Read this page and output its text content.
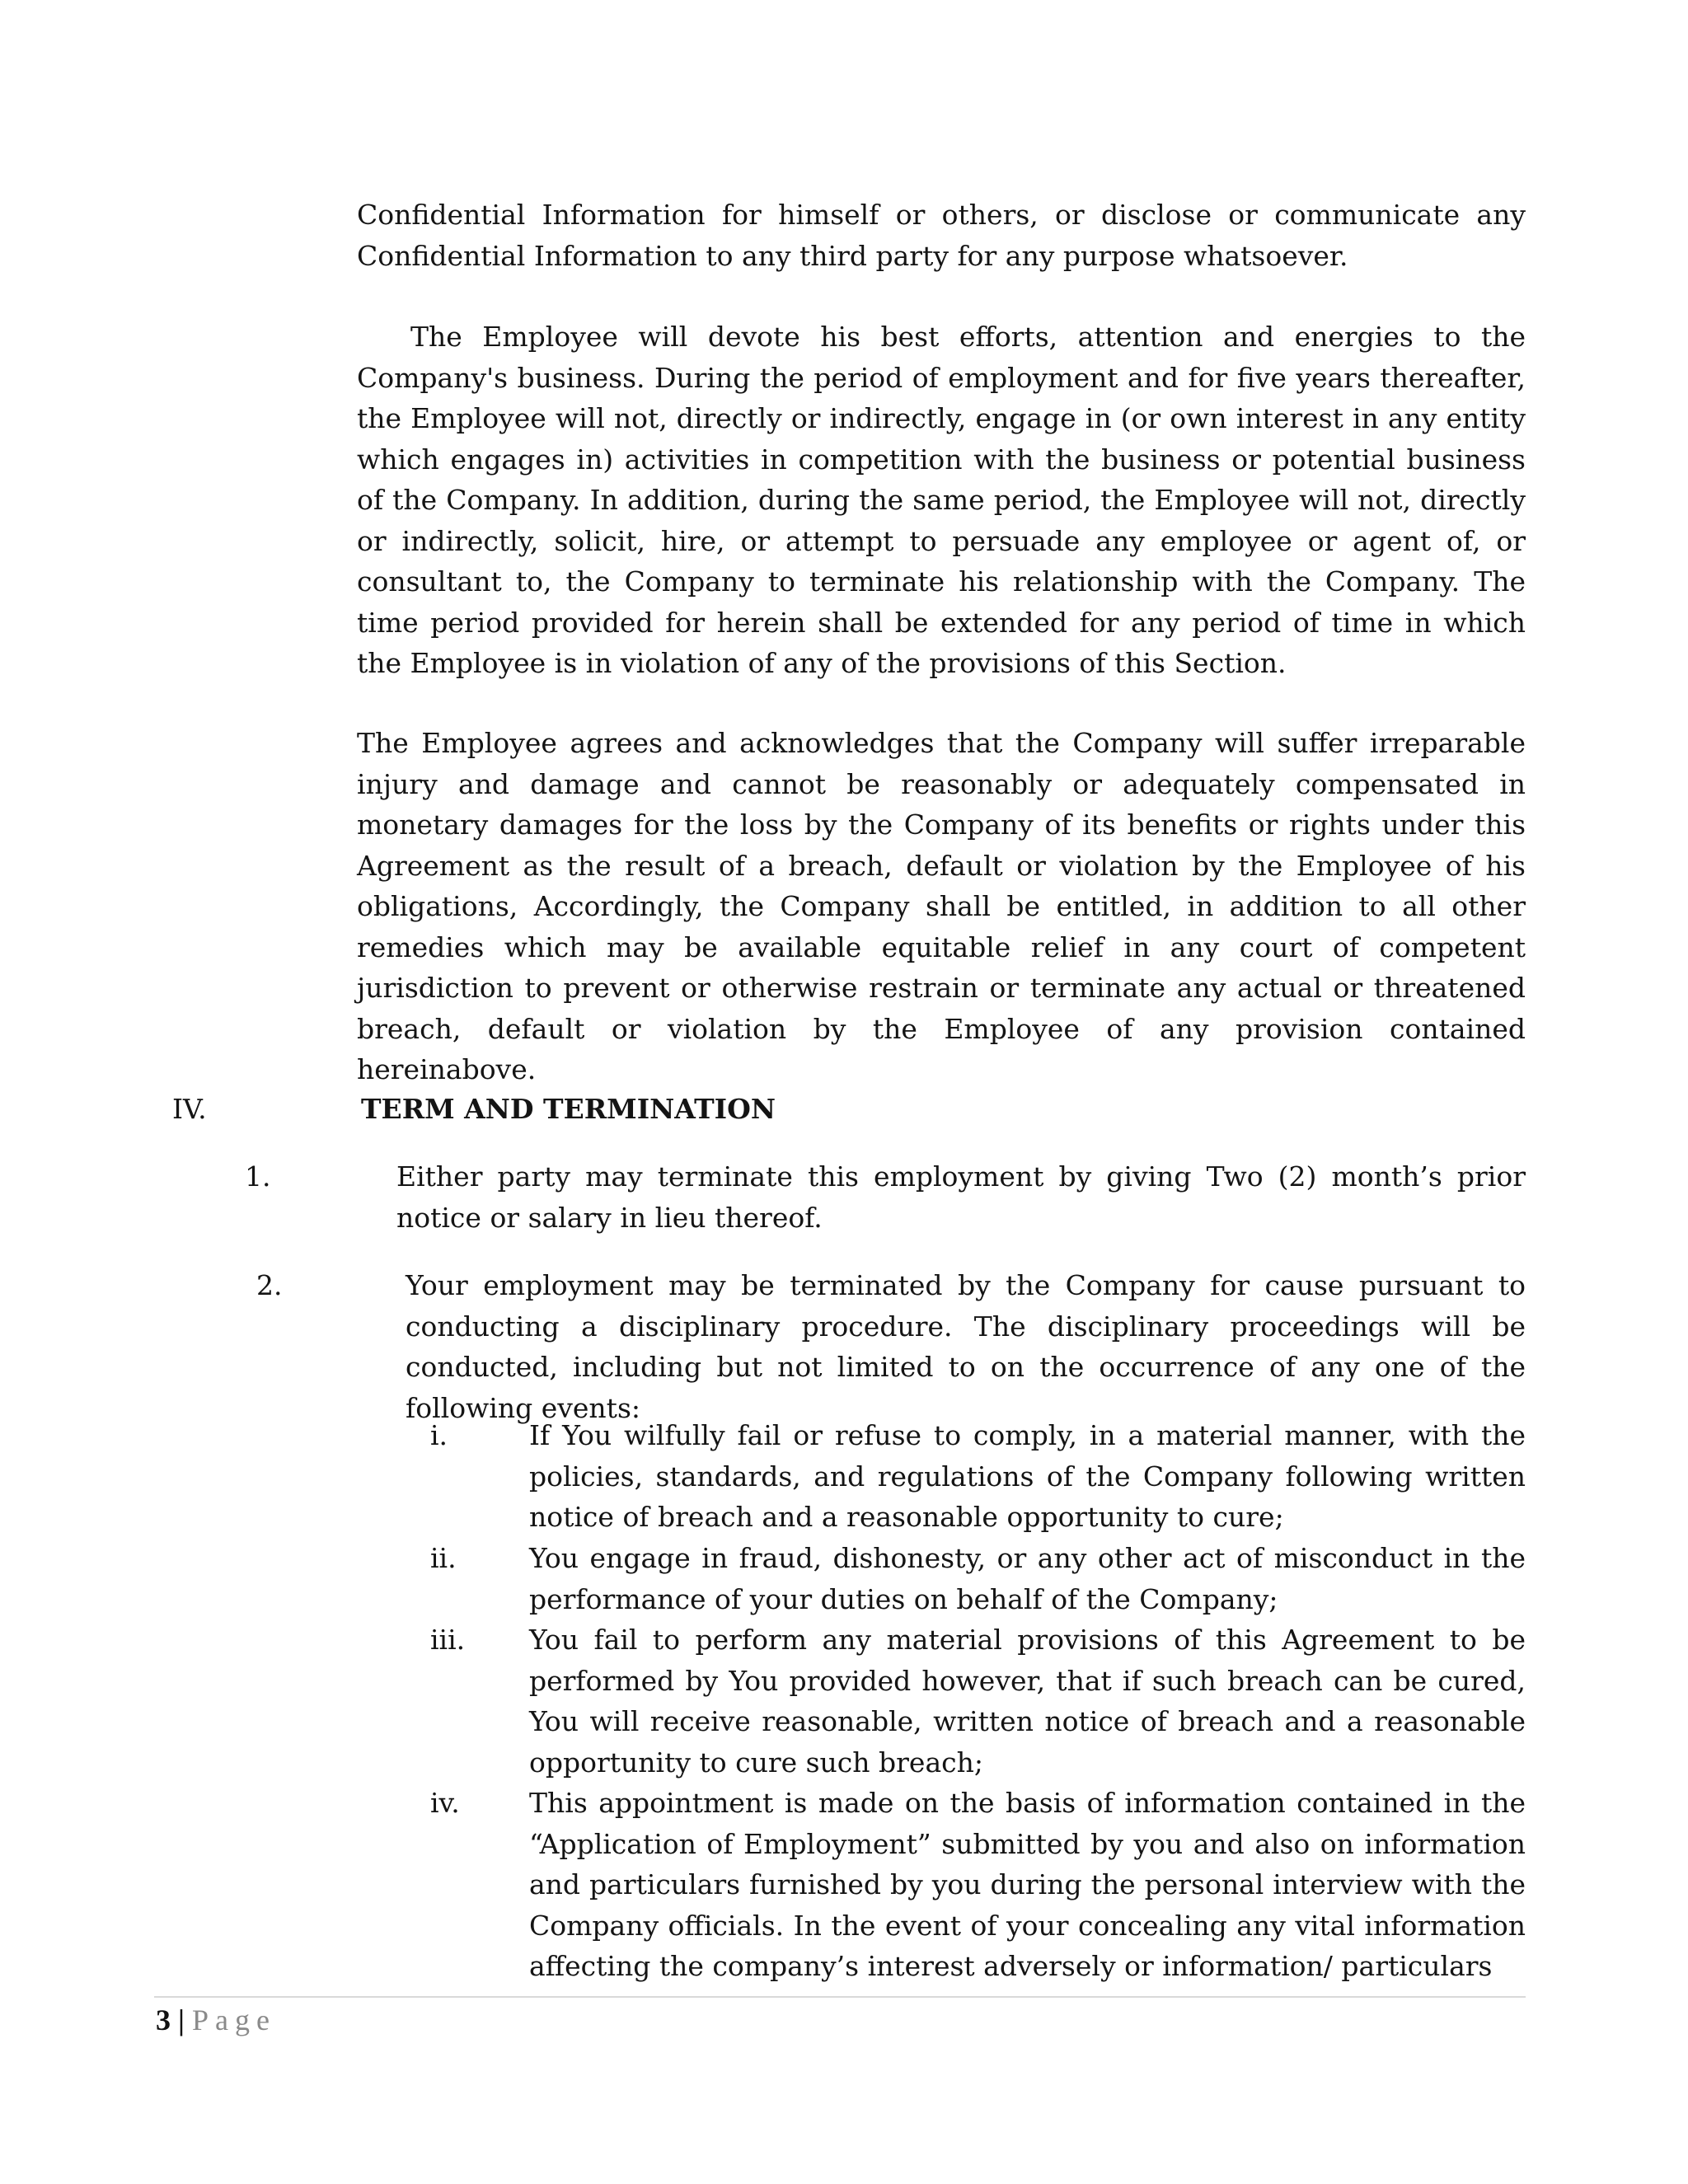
Confidential Information for himself or others, or disclose or communicate any Confidential Information to any third party for any purpose whatsoever.

The Employee will devote his best efforts, attention and energies to the Company's business. During the period of employment and for five years thereafter, the Employee will not, directly or indirectly, engage in (or own interest in any entity which engages in) activities in competition with the business or potential business of the Company. In addition, during the same period, the Employee will not, directly or indirectly, solicit, hire, or attempt to persuade any employee or agent of, or consultant to, the Company to terminate his relationship with the Company. The time period provided for herein shall be extended for any period of time in which the Employee is in violation of any of the provisions of this Section.

The Employee agrees and acknowledges that the Company will suffer irreparable injury and damage and cannot be reasonably or adequately compensated in monetary damages for the loss by the Company of its benefits or rights under this Agreement as the result of a breach, default or violation by the Employee of his obligations, Accordingly, the Company shall be entitled, in addition to all other remedies which may be available equitable relief in any court of competent jurisdiction to prevent or otherwise restrain or terminate any actual or threatened breach, default or violation by the Employee of any provision contained hereinabove.

IV.	TERM AND TERMINATION
1.	Either party may terminate this employment by giving Two (2) month’s prior notice or salary in lieu thereof.

2.	Your employment may be terminated by the Company for cause pursuant to conducting a disciplinary procedure. The disciplinary proceedings will be conducted, including but not limited to on the occurrence of any one of the following events:

i.	If You wilfully fail or refuse to comply, in a material manner, with the policies, standards, and regulations of the Company following written notice of breach and a reasonable opportunity to cure;

ii.	You engage in fraud, dishonesty, or any other act of misconduct in the performance of your duties on behalf of the Company;

iii. You fail to perform any material provisions of this Agreement to be performed by You provided however, that if such breach can be cured, You will receive reasonable, written notice of breach and a reasonable opportunity to cure such breach;

iv.	This appointment is made on the basis of information contained in the “Application of Employment” submitted by you and also on information and particulars furnished by you during the personal interview with the Company officials. In the event of your concealing any vital information affecting the company’s interest adversely or information/ particulars

3 | Page
